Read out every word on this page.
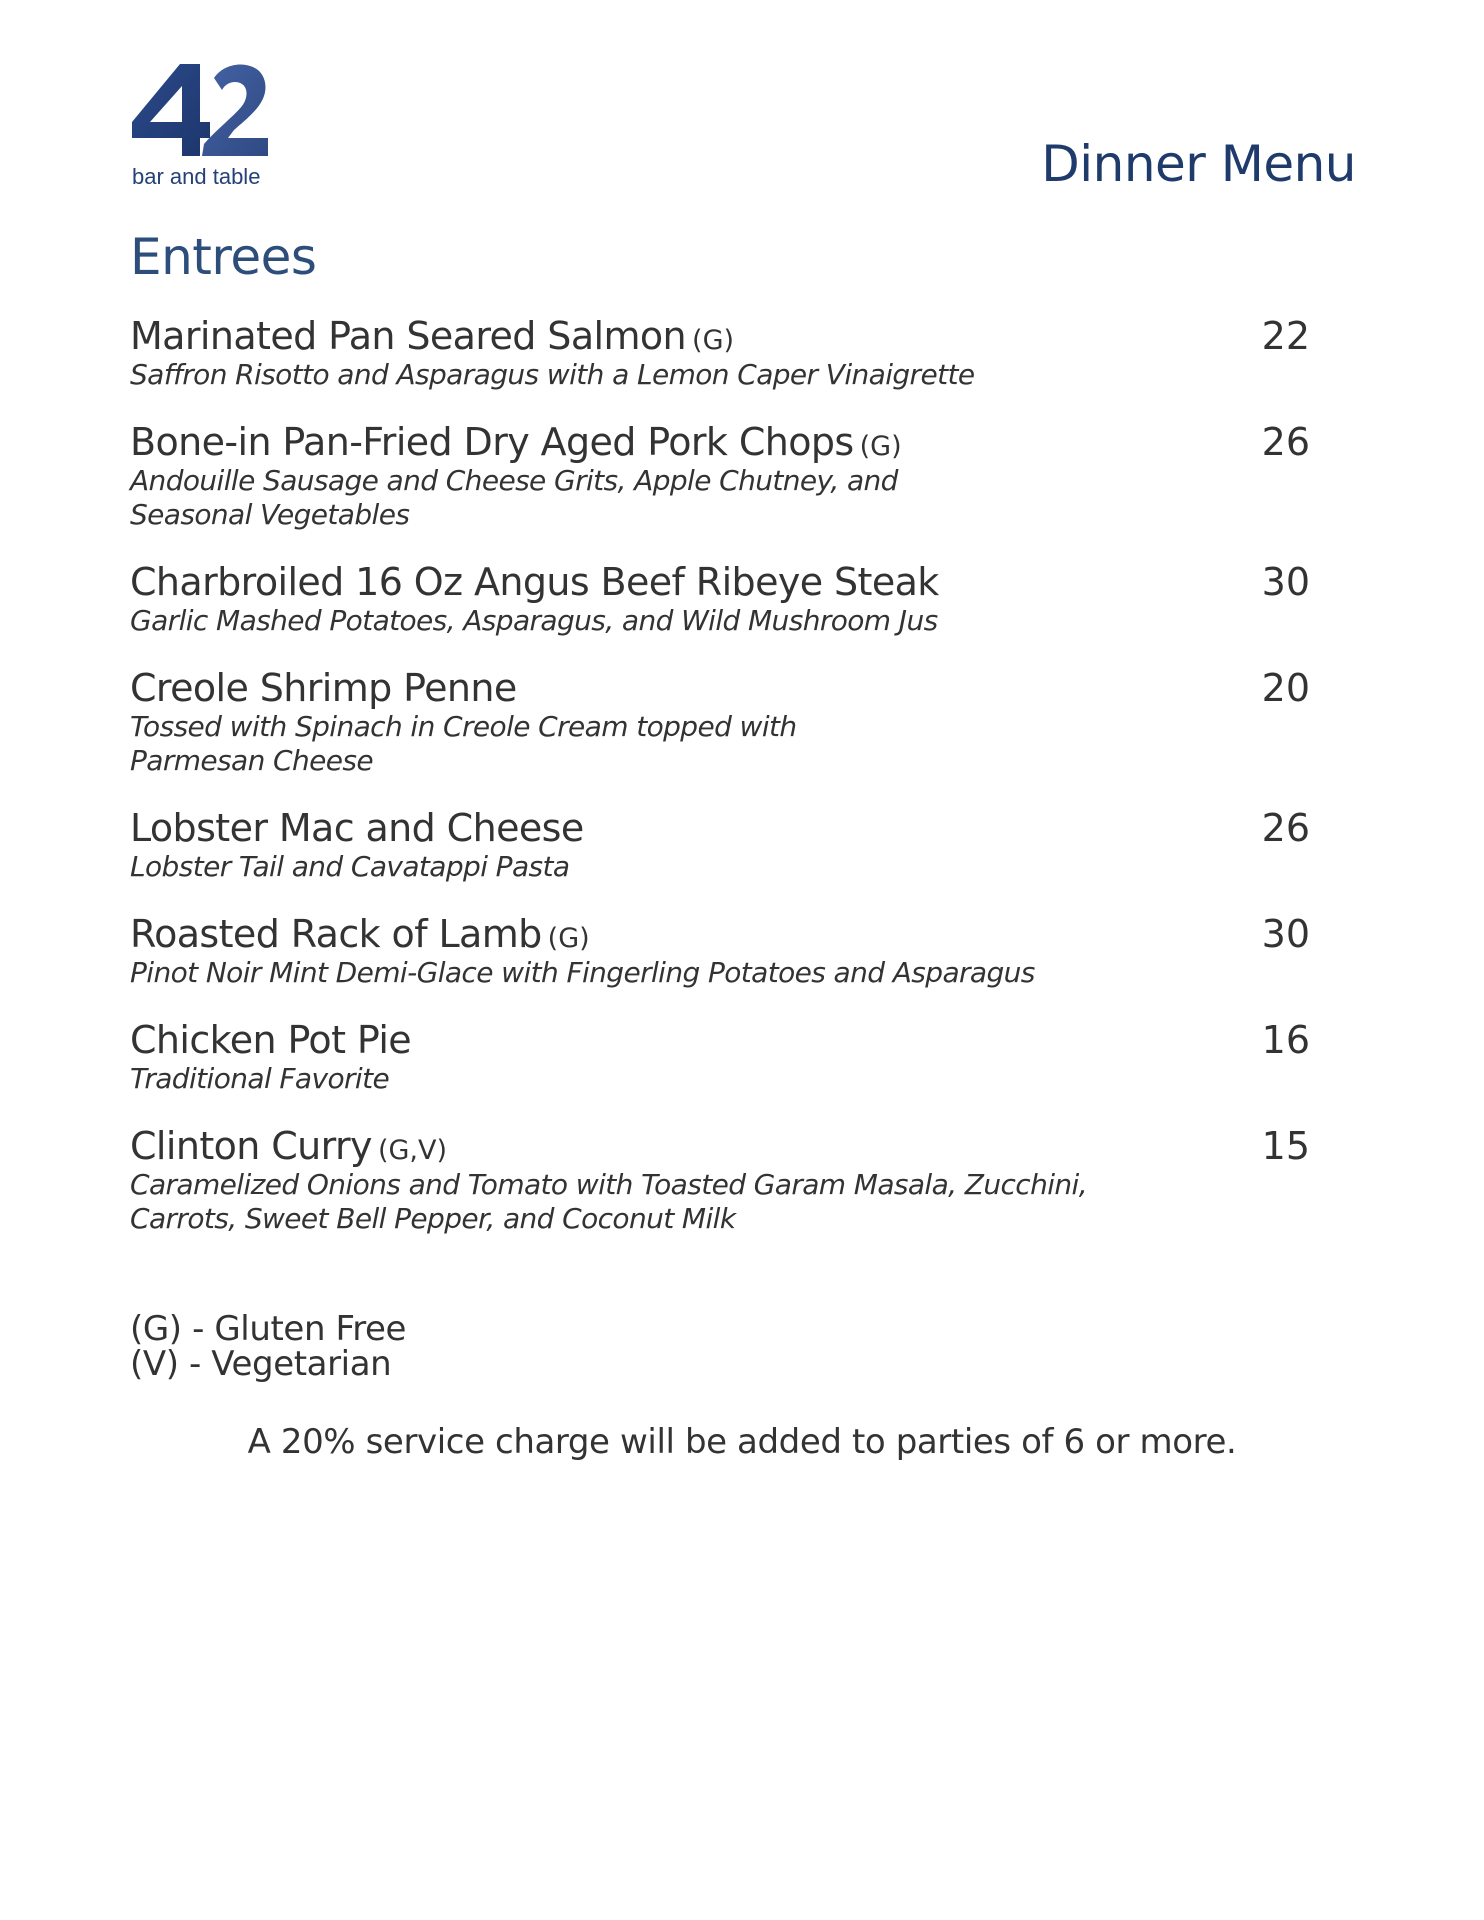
bar and table	Dinner Menu
Entrees
Marinated Pan Seared Salmon (G)	22
Saffron Risotto and Asparagus with a Lemon Caper Vinaigrette
Bone-in Pan-Fried Dry Aged Pork Chops (G)	26
Andouille Sausage and Cheese Grits, Apple Chutney, and
Seasonal Vegetables
Charbroiled 16 Oz Angus Beef Ribeye Steak	30
Garlic Mashed Potatoes, Asparagus, and Wild Mushroom Jus
Creole Shrimp Penne	20
Tossed with Spinach in Creole Cream topped with
Parmesan Cheese
Lobster Mac and Cheese	26
Lobster Tail and Cavatappi Pasta
Roasted Rack of Lamb (G)	30
Pinot Noir Mint Demi-Glace with Fingerling Potatoes and Asparagus
Chicken Pot Pie	16
Traditional Favorite
Clinton Curry (G,V)	15
Caramelized Onions and Tomato with Toasted Garam Masala, Zucchini,
Carrots, Sweet Bell Pepper, and Coconut Milk
(G) - Gluten Free
(V) - Vegetarian
A 20% service charge will be added to parties of 6 or more.
